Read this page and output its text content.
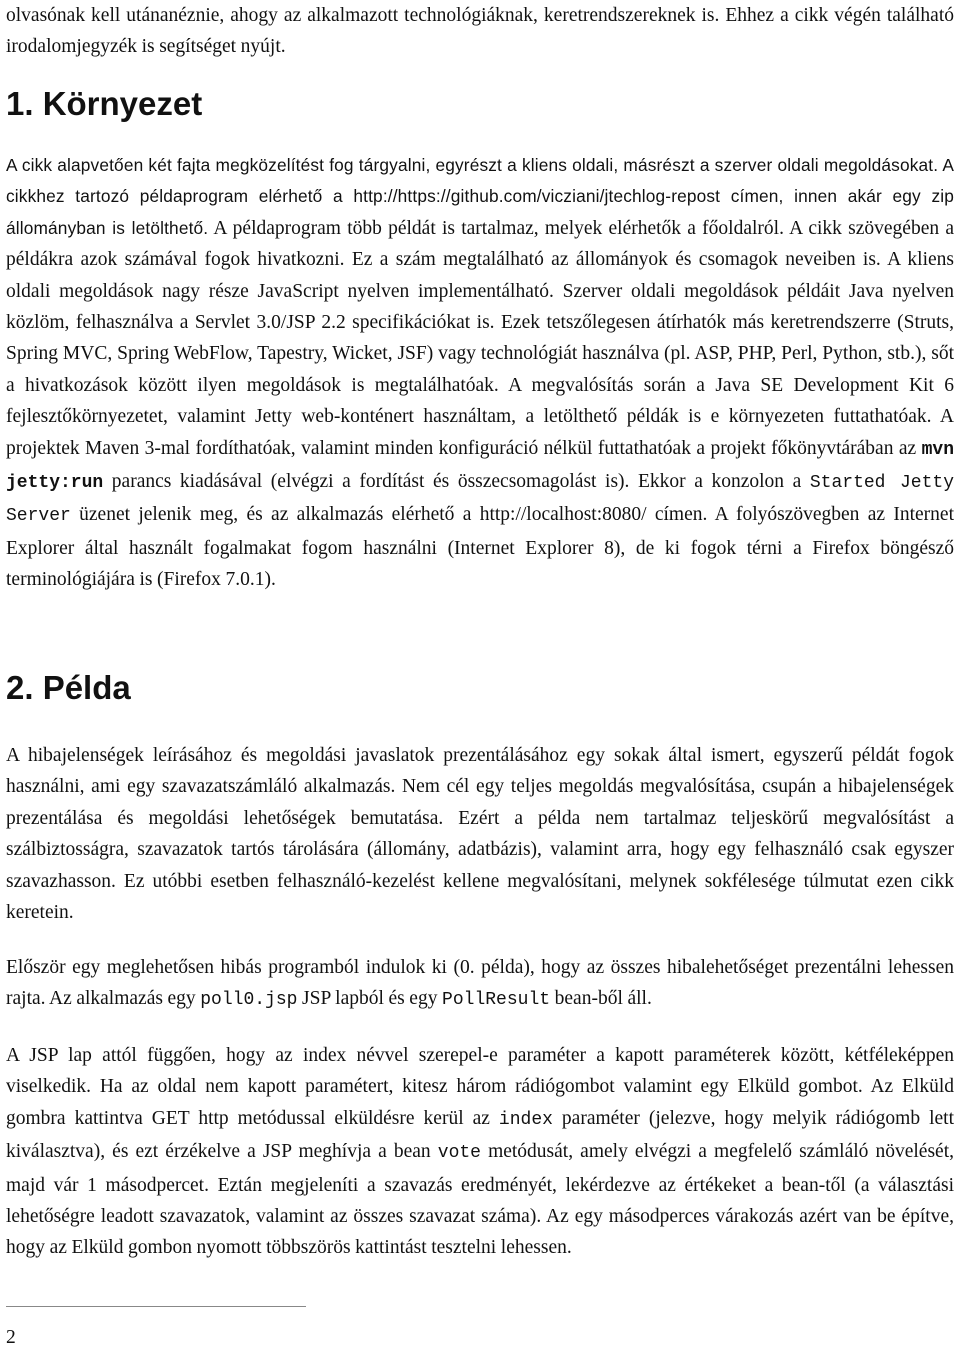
olvasónak kell utánanéznie, ahogy az alkalmazott technológiáknak, keretrendszereknek is. Ehhez a cikk végén található irodalomjegyzék is segítséget nyújt.

1. Környezet

A cikk alapvetően két fajta megközelítést fog tárgyalni, egyrészt a kliens oldali, másrészt a szerver oldali megoldásokat. A cikkhez tartozó példaprogram elérhető a http://https://github.com/vicziani/jtechlog-repost címen, innen akár egy zip állományban is letölthető. A példaprogram több példát is tartalmaz, melyek elérhetők a főoldalról. A cikk szövegében a példákra azok számával fogok hivatkozni. Ez a szám megtalálható az állományok és csomagok neveiben is. A kliens oldali megoldások nagy része JavaScript nyelven implementálható. Szerver oldali megoldások példáit Java nyelven közlöm, felhasználva a Servlet 3.0/JSP 2.2 specifikációkat is. Ezek tetszőlegesen átírhatók más keretrendszerre (Struts, Spring MVC, Spring WebFlow, Tapestry, Wicket, JSF) vagy technológiát használva (pl. ASP, PHP, Perl, Python, stb.), sőt a hivatkozások között ilyen megoldások is megtalálhatóak. A megvalósítás során a Java SE Development Kit 6 fejlesztőkörnyezetet, valamint Jetty web-konténert használtam, a letölthető példák is e környezeten futtathatóak. A projektek Maven 3-mal fordíthatóak, valamint minden konfiguráció nélkül futtathatóak a projekt főkönyvtárában az mvn jetty:run parancs kiadásával (elvégzi a fordítást és összecsomagolást is). Ekkor a konzolon a Started Jetty Server üzenet jelenik meg, és az alkalmazás elérhető a http://localhost:8080/ címen. A folyószövegben az Internet Explorer által használt fogalmakat fogom használni (Internet Explorer 8), de ki fogok térni a Firefox böngésző terminológiájára is (Firefox 7.0.1).

2. Példa

A hibajelenségek leírásához és megoldási javaslatok prezentálásához egy sokak által ismert, egyszerű példát fogok használni, ami egy szavazatszámláló alkalmazás. Nem cél egy teljes megoldás megvalósítása, csupán a hibajelenségek prezentálása és megoldási lehetőségek bemutatása. Ezért a példa nem tartalmaz teljeskörű megvalósítást a szálbiztosságra, szavazatok tartós tárolására (állomány, adatbázis), valamint arra, hogy egy felhasználó csak egyszer szavazhasson. Ez utóbbi esetben felhasználó-kezelést kellene megvalósítani, melynek sokfélesége túlmutat ezen cikk keretein.

Először egy meglehetősen hibás programból indulok ki (0. példa), hogy az összes hibalehetőséget prezentálni lehessen rajta. Az alkalmazás egy poll0.jsp JSP lapból és egy PollResult bean-ből áll.

A JSP lap attól függően, hogy az index névvel szerepel-e paraméter a kapott paraméterek között, kétféleképpen viselkedik. Ha az oldal nem kapott paramétert, kitesz három rádiógombot valamint egy Elküld gombot. Az Elküld gombra kattintva GET http metódussal elküldésre kerül az index paraméter (jelezve, hogy melyik rádiógomb lett kiválasztva), és ezt érzékelve a JSP meghívja a bean vote metódusát, amely elvégzi a megfelelő számláló növelését, majd vár 1 másodpercet. Eztán megjeleníti a szavazás eredményét, lekérdezve az értékeket a bean-től (a választási lehetőségre leadott szavazatok, valamint az összes szavazat száma). Az egy másodperces várakozás azért van be építve, hogy az Elküld gombon nyomott többszörös kattintást tesztelni lehessen.

2
